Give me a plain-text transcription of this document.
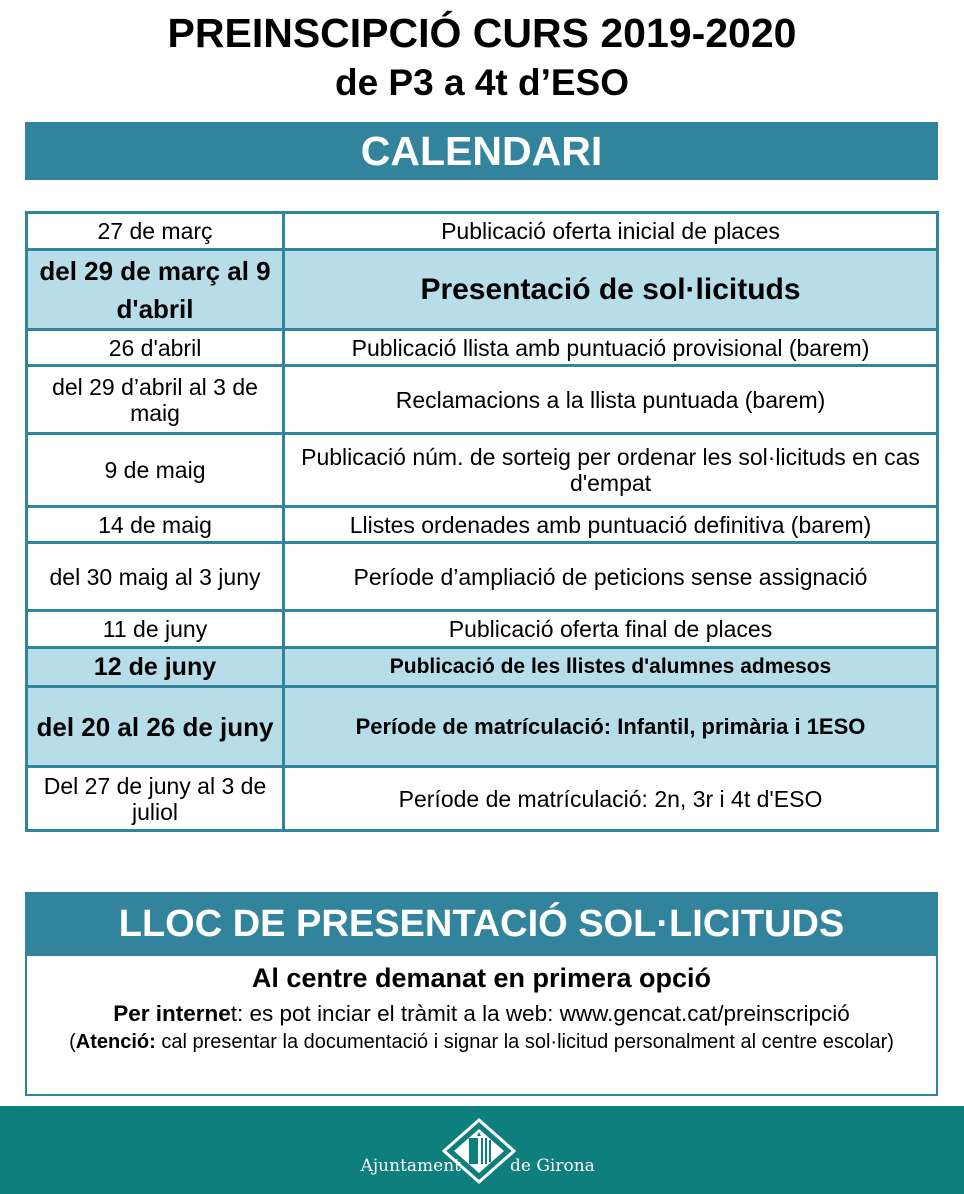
PREINSCIPCIÓ CURS 2019-2020
de P3 a 4t d’ESO
CALENDARI
27 de març	Publicació oferta inicial de places
del 29 de març al 9 d'abril	Presentació de sol·licituds
26 d'abril	Publicació llista amb puntuació provisional (barem)
del 29 d’abril al 3 de maig	Reclamacions a la llista puntuada (barem)
9 de maig	Publicació núm. de sorteig per ordenar les sol·licituds en cas d'empat
14 de maig	Llistes ordenades amb puntuació definitiva (barem)
del 30 maig al 3 juny	Període d’ampliació de peticions sense assignació
11 de juny	Publicació oferta final de places
12 de juny	Publicació de les llistes d'alumnes admesos
del 20 al 26 de juny	Període de matrículació: Infantil, primària i 1ESO
Del 27 de juny al 3 de juliol	Període de matrículació: 2n, 3r i 4t d'ESO
LLOC DE PRESENTACIÓ SOL·LICITUDS
Al centre demanat en primera opció
Per internet: es pot inciar el tràmit a la web: www.gencat.cat/preinscripció
(Atenció: cal presentar la documentació i signar la sol·licitud personalment al centre escolar)
Ajuntament	de Girona
